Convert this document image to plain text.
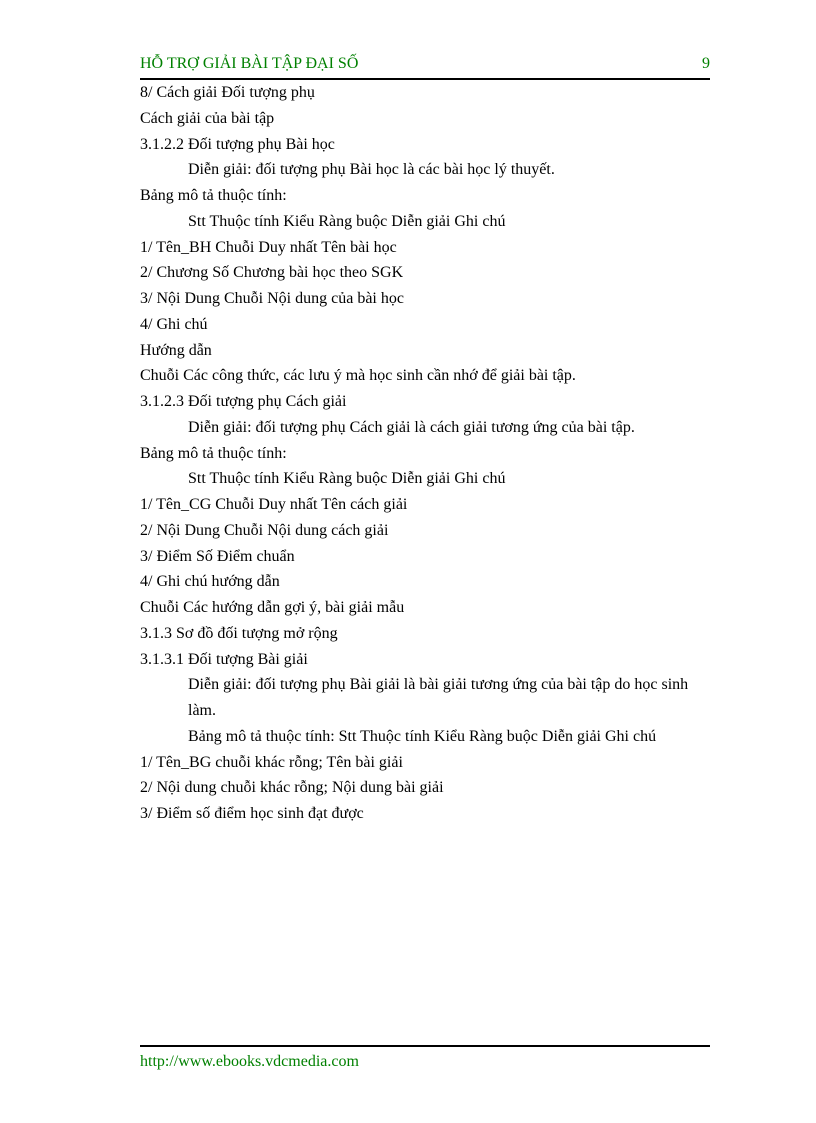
HỖ TRỢ GIẢI BÀI TẬP ĐẠI SỐ	9
8/ Cách giải Đối tượng phụ
Cách giải của bài tập
3.1.2.2 Đối tượng phụ Bài học
Diễn giải: đối tượng phụ Bài học là các bài học lý thuyết.
Bảng mô tả thuộc tính:
Stt Thuộc tính Kiểu Ràng buộc Diễn giải Ghi chú
1/ Tên_BH Chuỗi Duy nhất Tên bài học
2/ Chương Số Chương bài học theo SGK
3/ Nội Dung Chuỗi Nội dung của bài học
4/ Ghi chú
Hướng dẫn
Chuỗi Các công thức, các lưu ý mà học sinh cần nhớ để giải bài tập.
3.1.2.3 Đối tượng phụ Cách giải
Diễn giải: đối tượng phụ Cách giải là cách giải tương ứng của bài tập.
Bảng mô tả thuộc tính:
Stt Thuộc tính Kiểu Ràng buộc Diễn giải Ghi chú
1/ Tên_CG Chuỗi Duy nhất Tên cách giải
2/ Nội Dung Chuỗi Nội dung cách giải
3/ Điểm Số Điểm chuẩn
4/ Ghi chú hướng dẫn
Chuỗi Các hướng dẫn gợi ý, bài giải mẫu
3.1.3 Sơ đồ đối tượng mở rộng
3.1.3.1 Đối tượng Bài giải
Diễn giải: đối tượng phụ Bài giải là bài giải tương ứng của bài tập do học sinh làm.
Bảng mô tả thuộc tính: Stt Thuộc tính Kiểu Ràng buộc Diễn giải Ghi chú
1/ Tên_BG chuỗi khác rỗng; Tên bài giải
2/ Nội dung chuỗi khác rỗng; Nội dung bài giải
3/ Điểm số điểm học sinh đạt được
http://www.ebooks.vdcmedia.com
